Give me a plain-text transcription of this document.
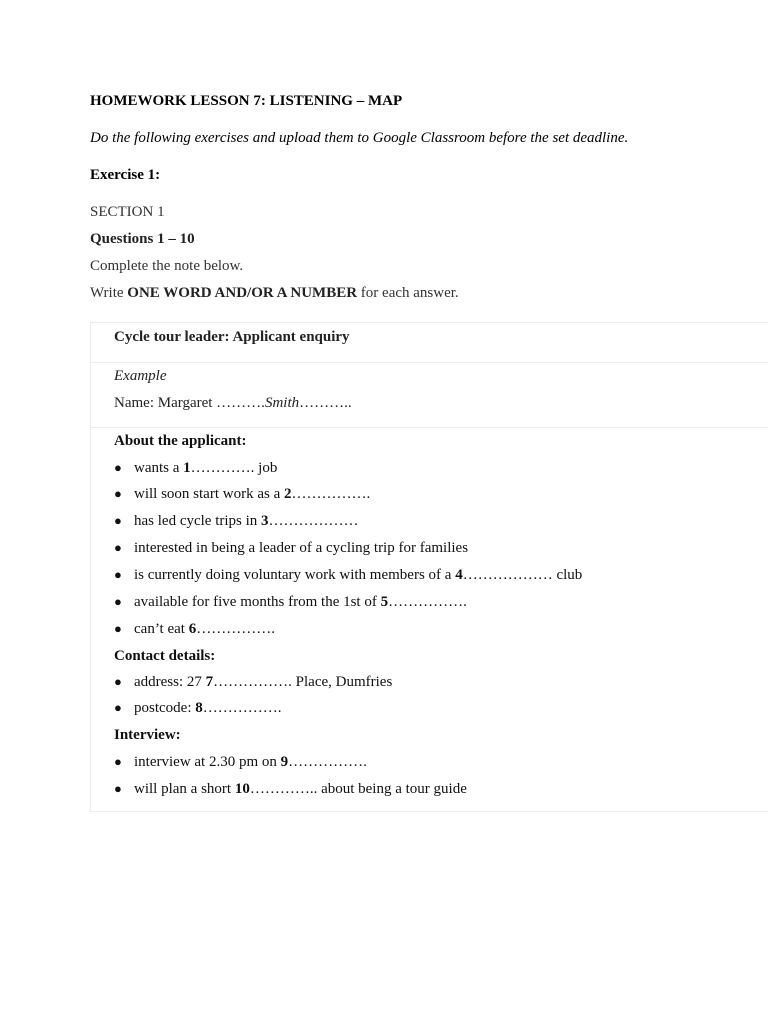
HOMEWORK LESSON 7: LISTENING – MAP
Do the following exercises and upload them to Google Classroom before the set deadline.
Exercise 1:
SECTION 1
Questions 1 – 10
Complete the note below.
Write ONE WORD AND/OR A NUMBER for each answer.
Cycle tour leader: Applicant enquiry
Example
Name: Margaret ……….Smith………..
About the applicant:
● wants a 1…………. job
● will soon start work as a 2…………….
● has led cycle trips in 3………………
● interested in being a leader of a cycling trip for families
● is currently doing voluntary work with members of a 4……………… club
● available for five months from the 1st of 5…………….
● can’t eat 6…………….
Contact details:
● address: 27 7……………. Place, Dumfries
● postcode: 8…………….
Interview:
● interview at 2.30 pm on 9…………….
● will plan a short 10………….. about being a tour guide
